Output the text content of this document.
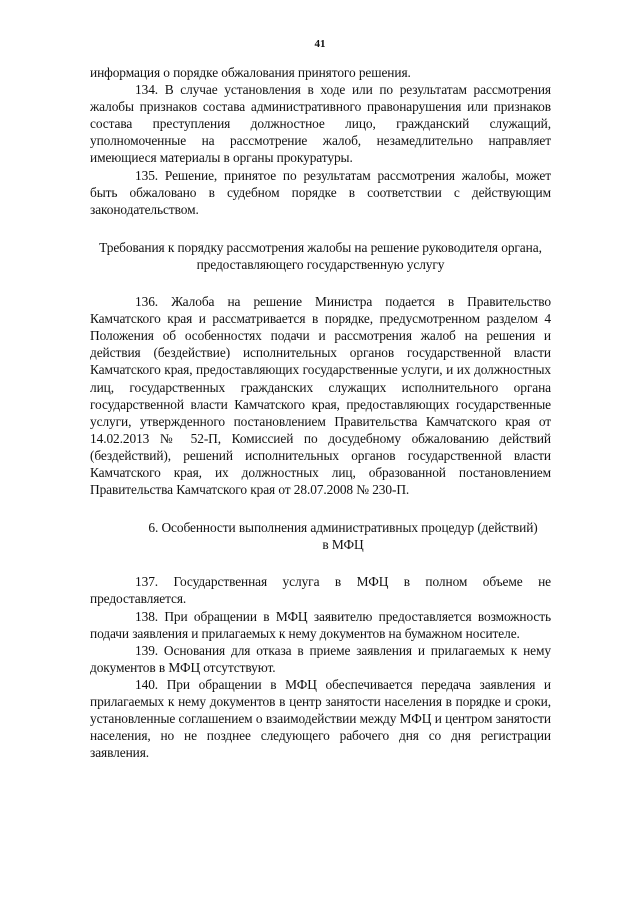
41

информация о порядке обжалования принятого решения.

134. В случае установления в ходе или по результатам рассмотрения жалобы признаков состава административного правонарушения или признаков состава преступления должностное лицо, гражданский служащий, уполномоченные на рассмотрение жалоб, незамедлительно направляет имеющиеся материалы в органы прокуратуры.

135. Решение, принятое по результатам рассмотрения жалобы, может быть обжаловано в судебном порядке в соответствии с действующим законодательством.

Требования к порядку рассмотрения жалобы на решение руководителя органа,

предоставляющего государственную услугу

136. Жалоба на решение Министра подается в Правительство Камчатского края и рассматривается в порядке, предусмотренном разделом 4 Положения об особенностях подачи и рассмотрения жалоб на решения и действия (бездействие) исполнительных органов государственной власти Камчатского края, предоставляющих государственные услуги, и их должностных лиц, государственных гражданских служащих исполнительного органа государственной власти Камчатского края, предоставляющих государственные услуги, утвержденного постановлением Правительства Камчатского края от 14.02.2013 № 52-П, Комиссией по досудебному обжалованию действий (бездействий), решений исполнительных органов государственной власти Камчатского края, их должностных лиц, образованной постановлением Правительства Камчатского края от 28.07.2008 № 230-П.

6. Особенности выполнения административных процедур (действий)

в МФЦ

137. Государственная услуга в МФЦ в полном объеме не предоставляется.

138. При обращении в МФЦ заявителю предоставляется возможность подачи заявления и прилагаемых к нему документов на бумажном носителе.

139. Основания для отказа в приеме заявления и прилагаемых к нему документов в МФЦ отсутствуют.

140. При обращении в МФЦ обеспечивается передача заявления и прилагаемых к нему документов в центр занятости населения в порядке и сроки, установленные соглашением о взаимодействии между МФЦ и центром занятости населения, но не позднее следующего рабочего дня со дня регистрации заявления.
